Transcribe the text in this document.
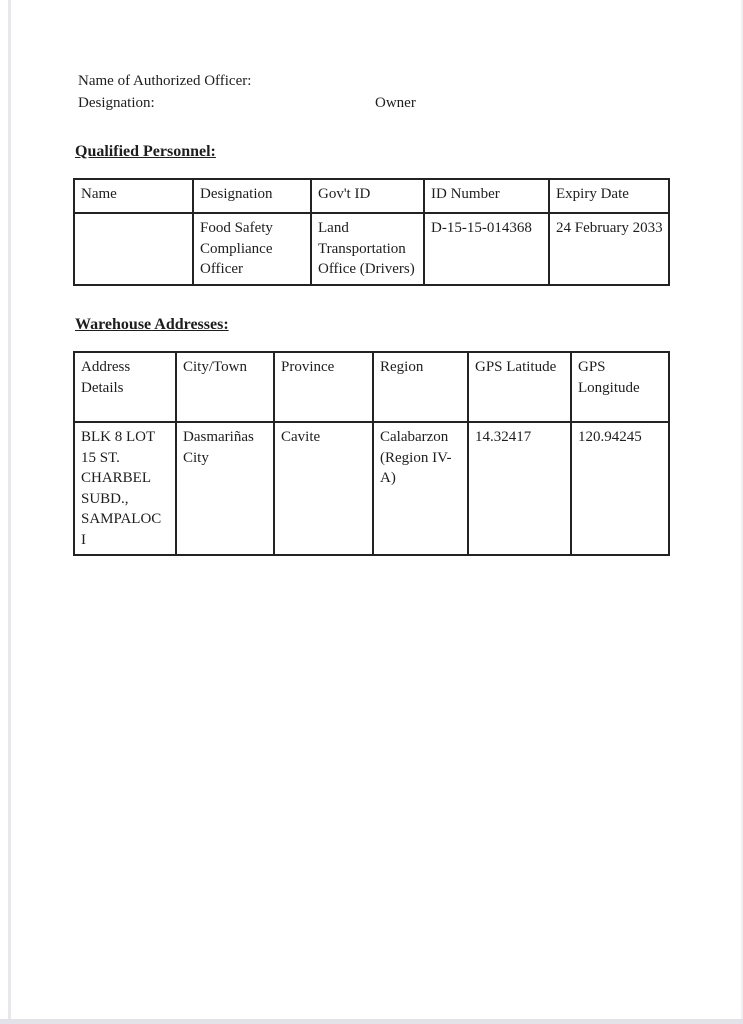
Name of Authorized Officer:
Designation:	Owner
Qualified Personnel:
Name	Designation	Gov't ID	ID Number	Expiry Date
	Food Safety Compliance Officer	Land Transportation Office (Drivers)	D-15-15-014368	24 February 2033
Warehouse Addresses:
Address Details	City/Town	Province	Region	GPS Latitude	GPS Longitude
BLK 8 LOT 15 ST. CHARBEL SUBD., SAMPALOC I	Dasmariñas City	Cavite	Calabarzon (Region IV-A)	14.32417	120.94245
